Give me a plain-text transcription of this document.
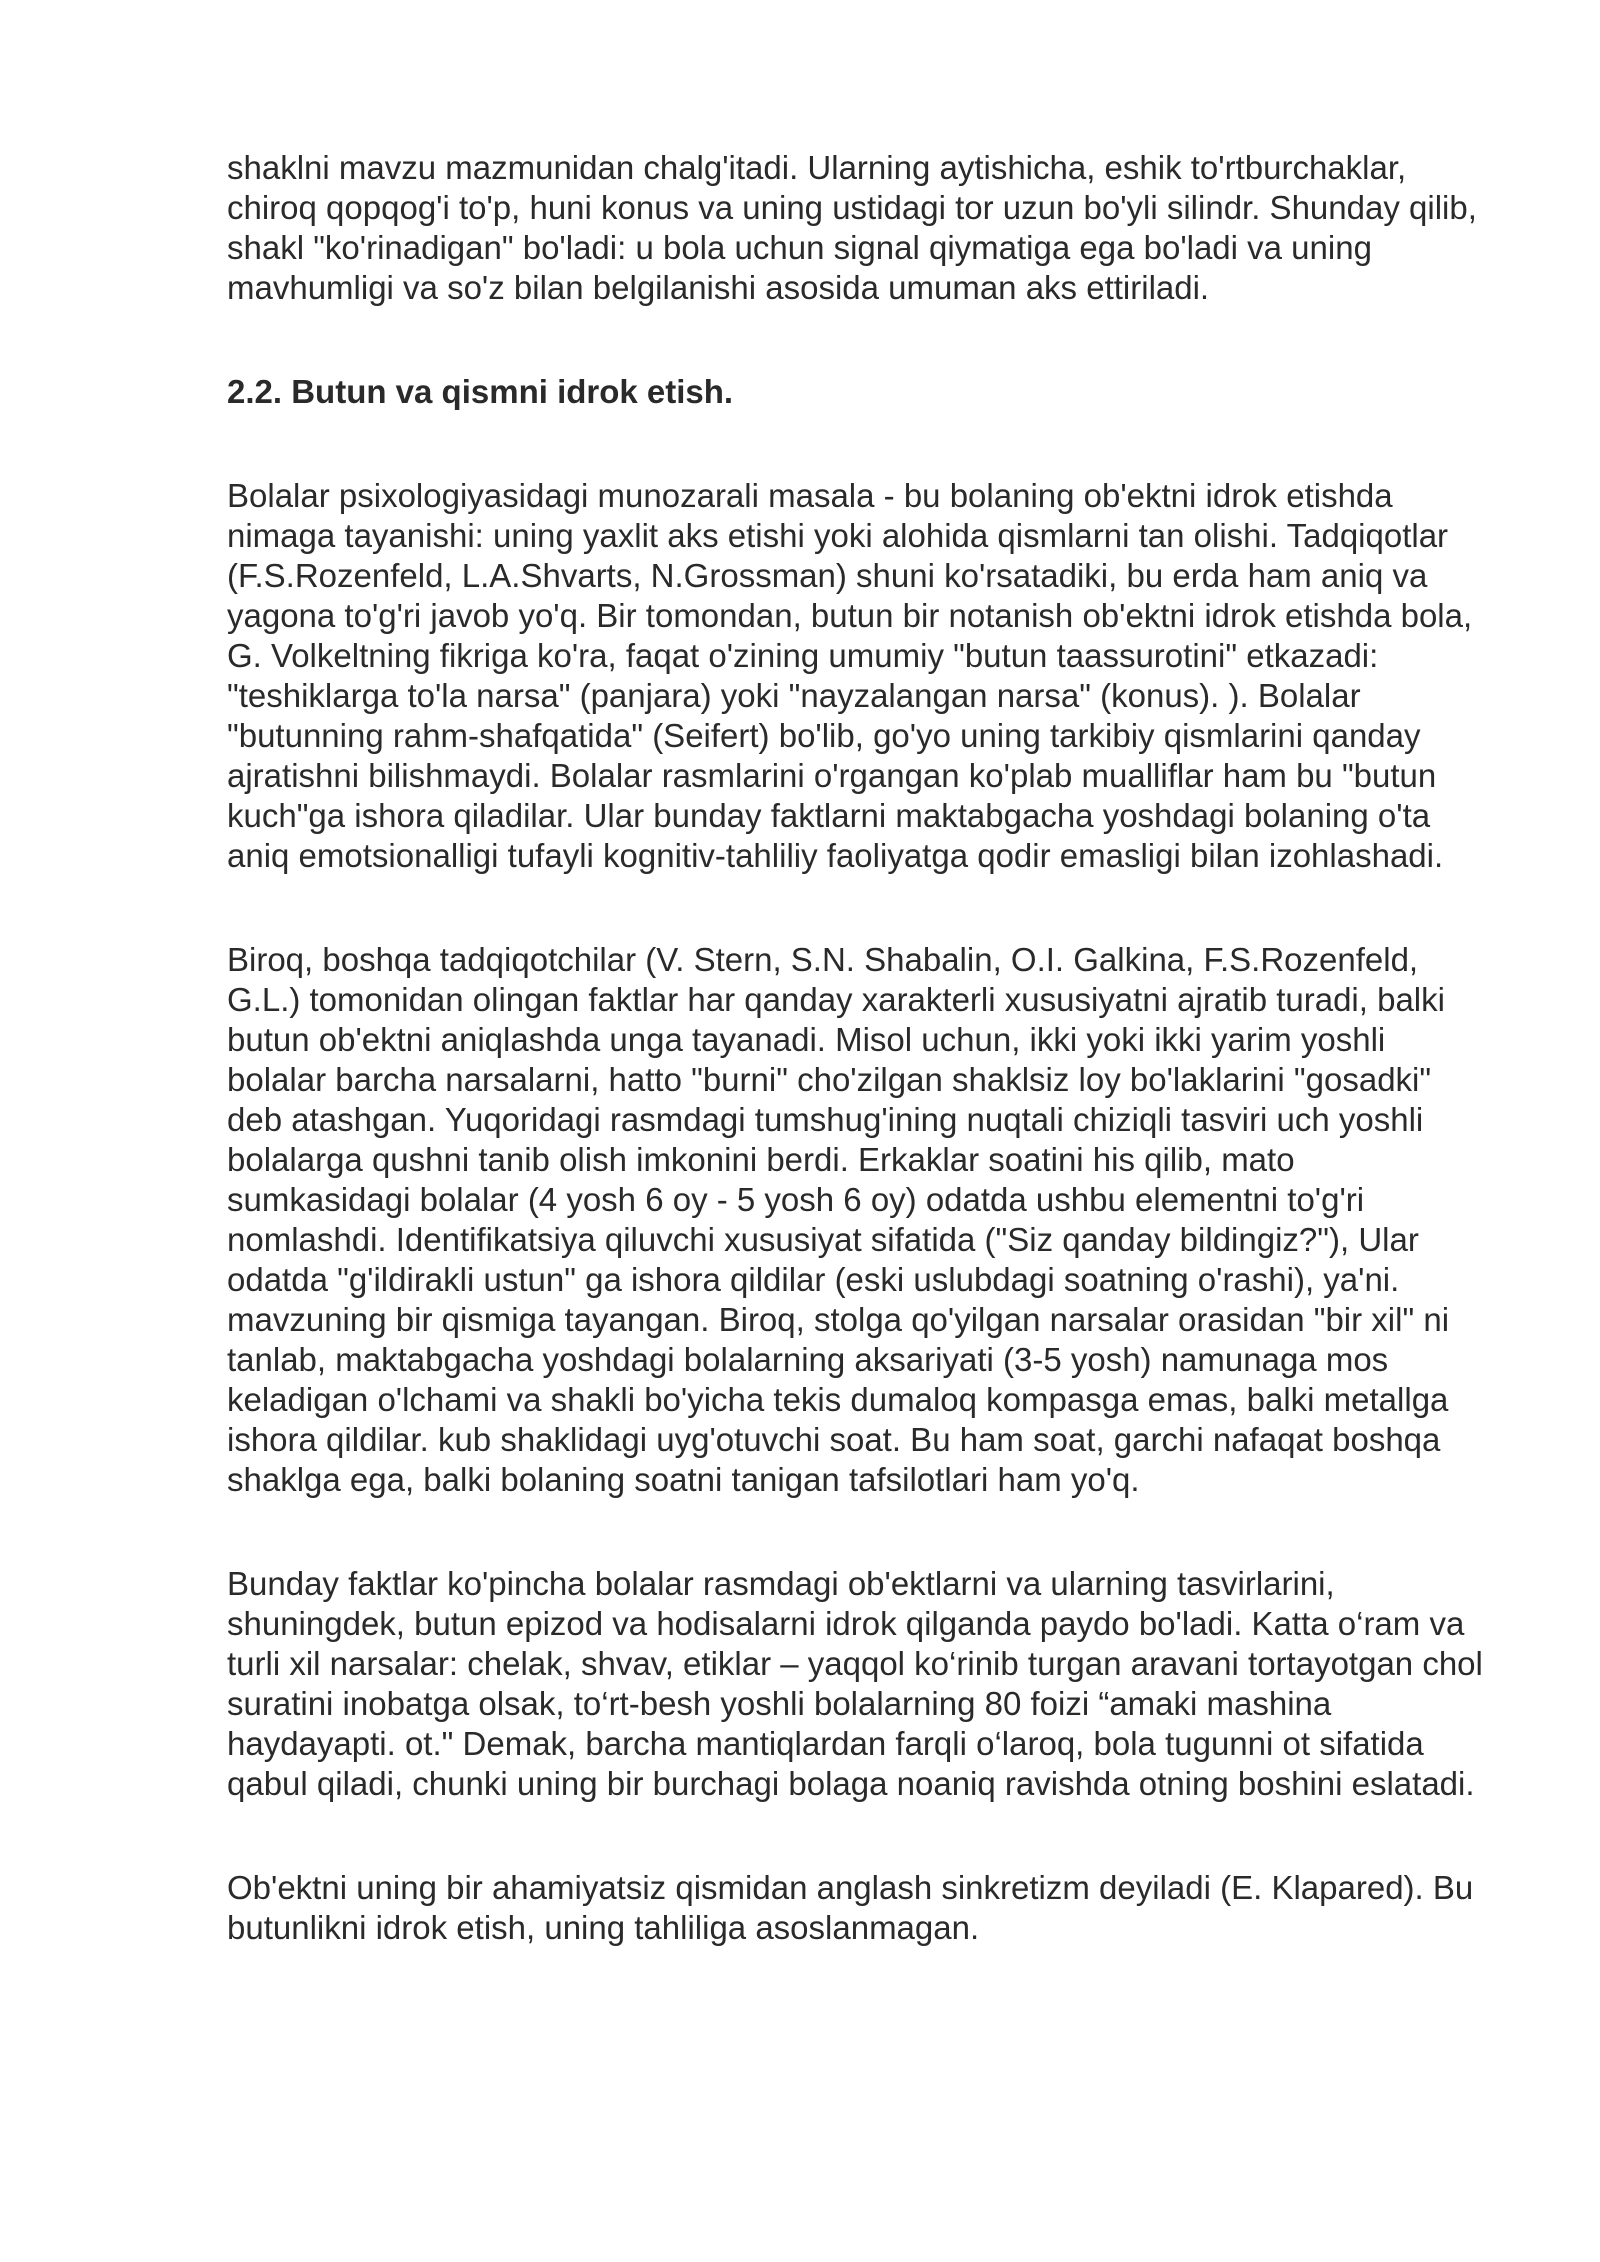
shaklni mavzu mazmunidan chalg'itadi. Ularning aytishicha, eshik to'rtburchaklar, chiroq qopqog'i to'p, huni konus va uning ustidagi tor uzun bo'yli silindr. Shunday qilib, shakl "ko'rinadigan" bo'ladi: u bola uchun signal qiymatiga ega bo'ladi va uning mavhumligi va so'z bilan belgilanishi asosida umuman aks ettiriladi.

2.2. Butun va qismni idrok etish.

Bolalar psixologiyasidagi munozarali masala - bu bolaning ob'ektni idrok etishda nimaga tayanishi: uning yaxlit aks etishi yoki alohida qismlarni tan olishi. Tadqiqotlar (F.S.Rozenfeld, L.A.Shvarts, N.Grossman) shuni ko'rsatadiki, bu erda ham aniq va yagona to'g'ri javob yo'q. Bir tomondan, butun bir notanish ob'ektni idrok etishda bola, G. Volkeltning fikriga ko'ra, faqat o'zining umumiy "butun taassurotini" etkazadi: "teshiklarga to'la narsa" (panjara) yoki "nayzalangan narsa" (konus). ). Bolalar "butunning rahm-shafqatida" (Seifert) bo'lib, go'yo uning tarkibiy qismlarini qanday ajratishni bilishmaydi. Bolalar rasmlarini o'rgangan ko'plab mualliflar ham bu "butun kuch"ga ishora qiladilar. Ular bunday faktlarni maktabgacha yoshdagi bolaning o'ta aniq emotsionalligi tufayli kognitiv-tahliliy faoliyatga qodir emasligi bilan izohlashadi.

Biroq, boshqa tadqiqotchilar (V. Stern, S.N. Shabalin, O.I. Galkina, F.S.Rozenfeld, G.L.) tomonidan olingan faktlar har qanday xarakterli xususiyatni ajratib turadi, balki butun ob'ektni aniqlashda unga tayanadi. Misol uchun, ikki yoki ikki yarim yoshli bolalar barcha narsalarni, hatto "burni" cho'zilgan shaklsiz loy bo'laklarini "gosadki" deb atashgan. Yuqoridagi rasmdagi tumshug'ining nuqtali chiziqli tasviri uch yoshli bolalarga qushni tanib olish imkonini berdi. Erkaklar soatini his qilib, mato sumkasidagi bolalar (4 yosh 6 oy - 5 yosh 6 oy) odatda ushbu elementni to'g'ri nomlashdi. Identifikatsiya qiluvchi xususiyat sifatida ("Siz qanday bildingiz?"), Ular odatda "g'ildirakli ustun" ga ishora qildilar (eski uslubdagi soatning o'rashi), ya'ni. mavzuning bir qismiga tayangan. Biroq, stolga qo'yilgan narsalar orasidan "bir xil" ni tanlab, maktabgacha yoshdagi bolalarning aksariyati (3-5 yosh) namunaga mos keladigan o'lchami va shakli bo'yicha tekis dumaloq kompasga emas, balki metallga ishora qildilar. kub shaklidagi uyg'otuvchi soat. Bu ham soat, garchi nafaqat boshqa shaklga ega, balki bolaning soatni tanigan tafsilotlari ham yo'q.

Bunday faktlar ko'pincha bolalar rasmdagi ob'ektlarni va ularning tasvirlarini, shuningdek, butun epizod va hodisalarni idrok qilganda paydo bo'ladi. Katta o‘ram va turli xil narsalar: chelak, shvav, etiklar – yaqqol ko‘rinib turgan aravani tortayotgan chol suratini inobatga olsak, to‘rt-besh yoshli bolalarning 80 foizi “amaki mashina haydayapti. ot." Demak, barcha mantiqlardan farqli o‘laroq, bola tugunni ot sifatida qabul qiladi, chunki uning bir burchagi bolaga noaniq ravishda otning boshini eslatadi.

Ob'ektni uning bir ahamiyatsiz qismidan anglash sinkretizm deyiladi (E. Klapared). Bu butunlikni idrok etish, uning tahliliga asoslanmagan.
